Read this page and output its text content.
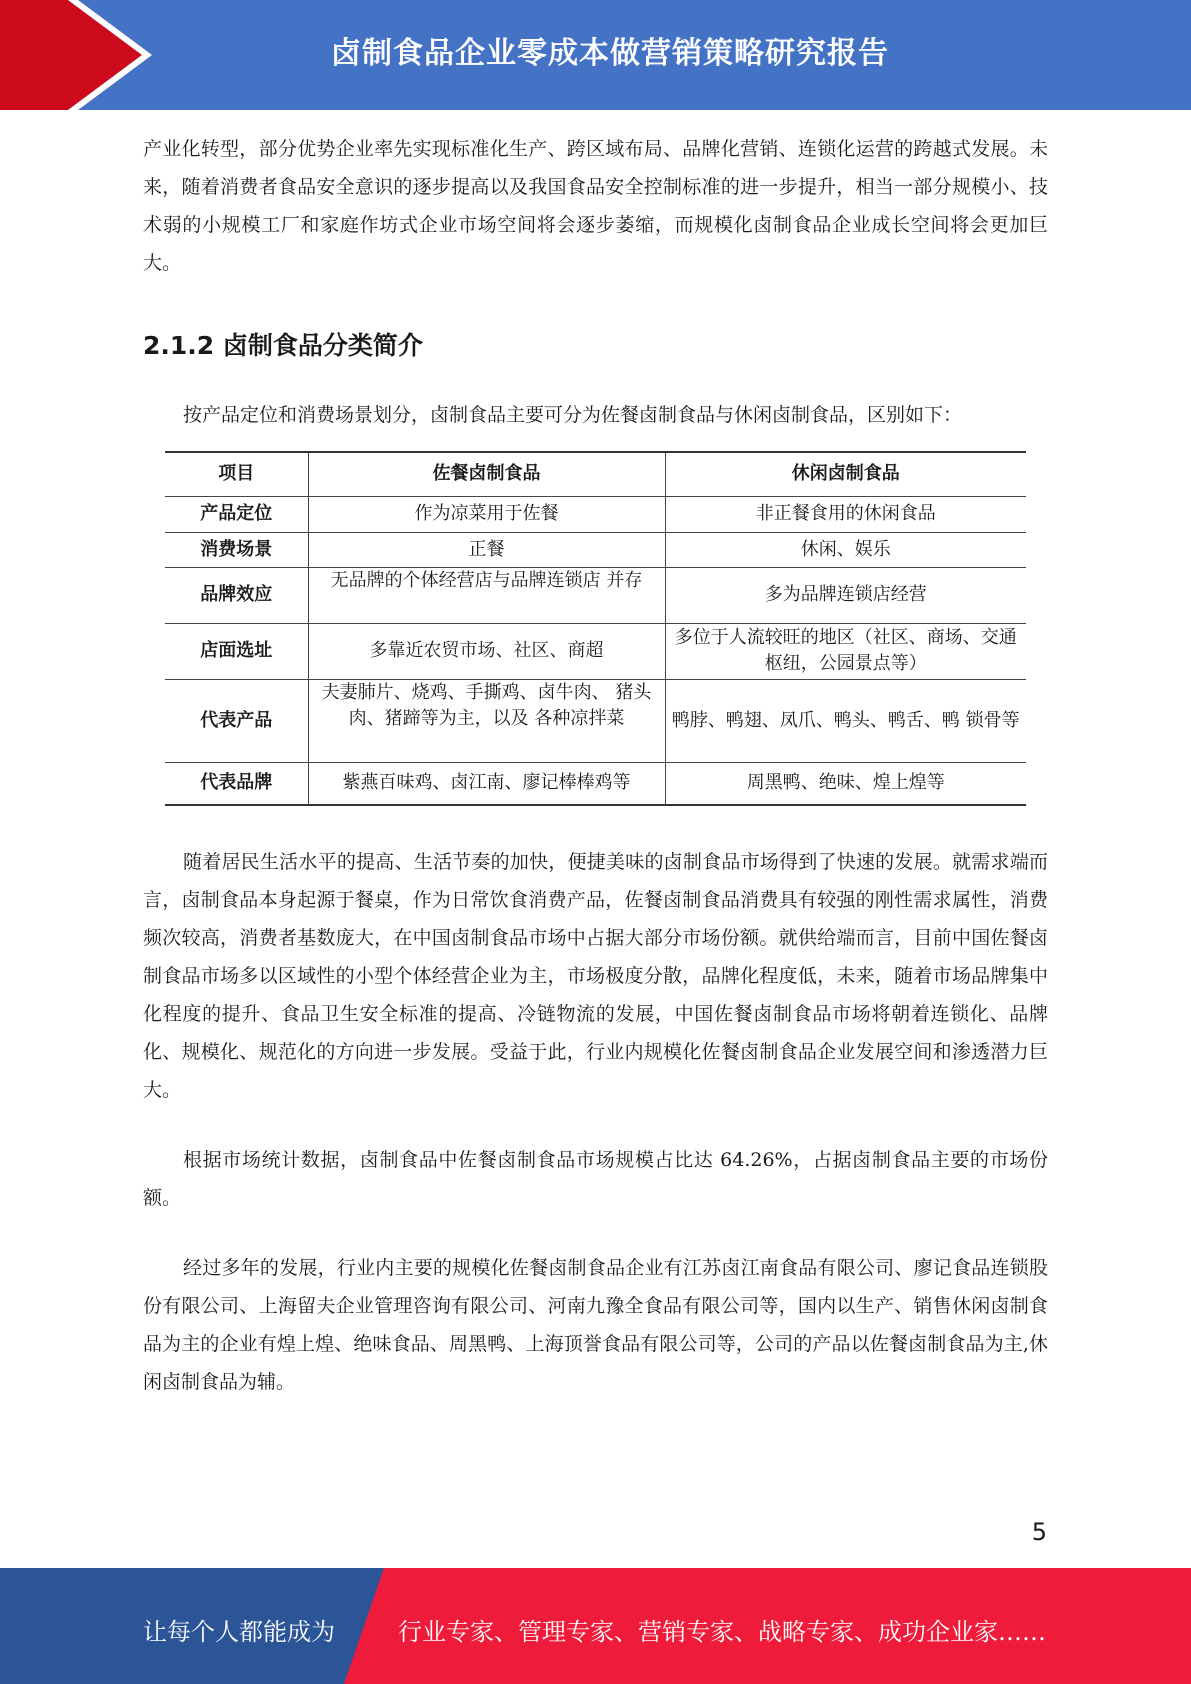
卤制食品企业零成本做营销策略研究报告

产业化转型，部分优势企业率先实现标准化生产、跨区域布局、品牌化营销、连锁化运营的跨越式发展。未来，随着消费者食品安全意识的逐步提高以及我国食品安全控制标准的进一步提升，相当一部分规模小、技术弱的小规模工厂和家庭作坊式企业市场空间将会逐步萎缩，而规模化卤制食品企业成长空间将会更加巨大。

2.1.2 卤制食品分类简介

按产品定位和消费场景划分，卤制食品主要可分为佐餐卤制食品与休闲卤制食品，区别如下：

项目	佐餐卤制食品	休闲卤制食品
产品定位	作为凉菜用于佐餐	非正餐食用的休闲食品
消费场景	正餐	休闲、娱乐
品牌效应	无品牌的个体经营店与品牌连锁店 并存	多为品牌连锁店经营
店面选址	多靠近农贸市场、社区、商超	多位于人流较旺的地区（社区、商场、交通枢纽，公园景点等）
代表产品	夫妻肺片、烧鸡、手撕鸡、卤牛肉、 猪头肉、猪蹄等为主，以及 各种凉拌菜	鸭脖、鸭翅、凤爪、鸭头、鸭舌、鸭 锁骨等
代表品牌	紫燕百味鸡、卤江南、廖记棒棒鸡等	周黑鸭、绝味、煌上煌等

随着居民生活水平的提高、生活节奏的加快，便捷美味的卤制食品市场得到了快速的发展。就需求端而言，卤制食品本身起源于餐桌，作为日常饮食消费产品，佐餐卤制食品消费具有较强的刚性需求属性，消费频次较高，消费者基数庞大，在中国卤制食品市场中占据大部分市场份额。就供给端而言，目前中国佐餐卤制食品市场多以区域性的小型个体经营企业为主，市场极度分散，品牌化程度低，未来，随着市场品牌集中化程度的提升、食品卫生安全标准的提高、冷链物流的发展，中国佐餐卤制食品市场将朝着连锁化、品牌化、规模化、规范化的方向进一步发展。受益于此，行业内规模化佐餐卤制食品企业发展空间和渗透潜力巨大。

根据市场统计数据，卤制食品中佐餐卤制食品市场规模占比达 64.26%，占据卤制食品主要的市场份额。

经过多年的发展，行业内主要的规模化佐餐卤制食品企业有江苏卤江南食品有限公司、廖记食品连锁股份有限公司、上海留夫企业管理咨询有限公司、河南九豫全食品有限公司等，国内以生产、销售休闲卤制食品为主的企业有煌上煌、绝味食品、周黑鸭、上海顶誉食品有限公司等，公司的产品以佐餐卤制食品为主,休闲卤制食品为辅。

5
让每个人都能成为	行业专家、管理专家、营销专家、战略专家、成功企业家……
